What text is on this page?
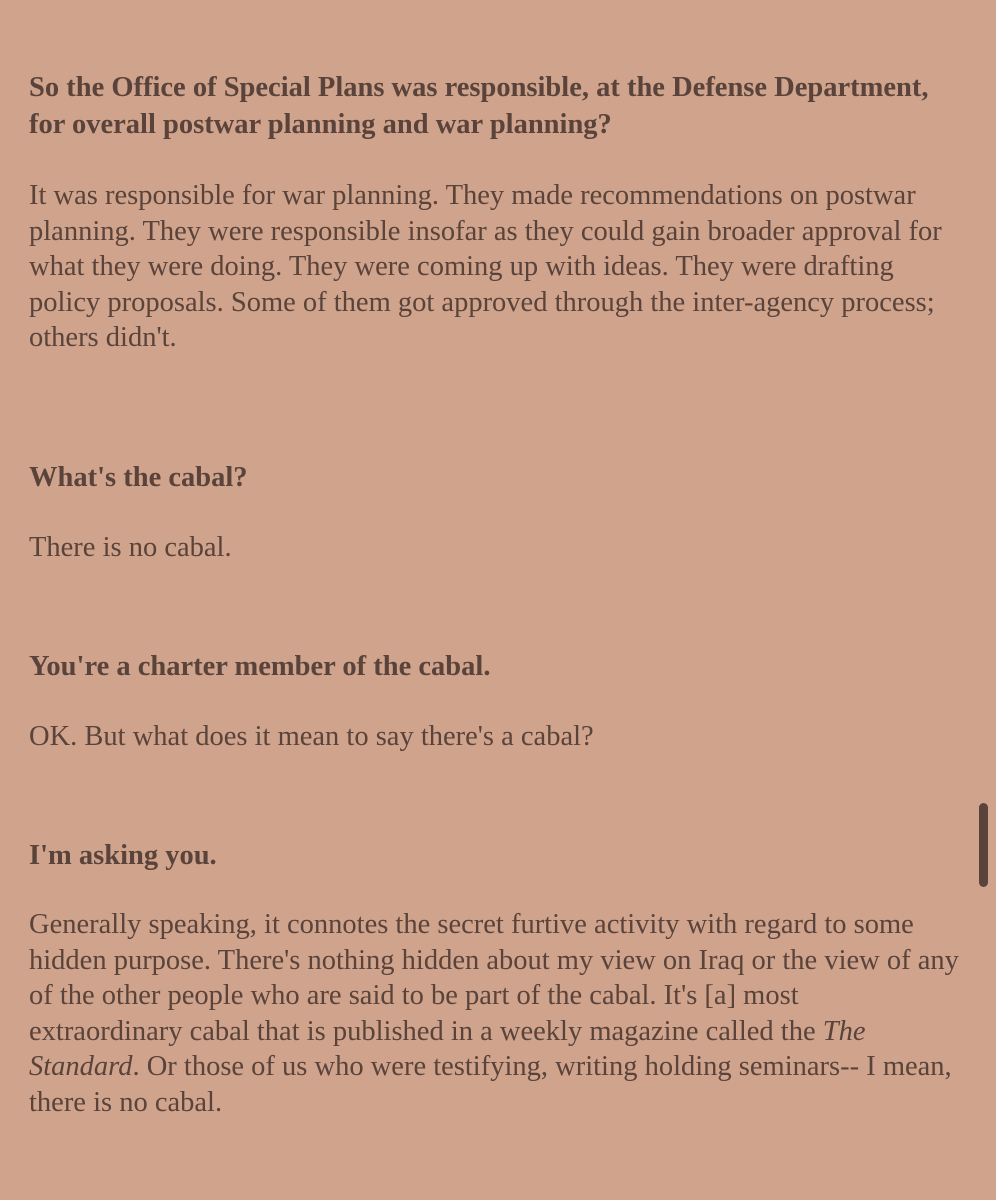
So the Office of Special Plans was responsible, at the Defense Department, for overall postwar planning and war planning?

It was responsible for war planning. They made recommendations on postwar planning. They were responsible insofar as they could gain broader approval for what they were doing. They were coming up with ideas. They were drafting policy proposals. Some of them got approved through the inter-agency process; others didn't.

What's the cabal?

There is no cabal.

You're a charter member of the cabal.

OK. But what does it mean to say there's a cabal?

I'm asking you.

Generally speaking, it connotes the secret furtive activity with regard to some hidden purpose. There's nothing hidden about my view on Iraq or the view of any of the other people who are said to be part of the cabal. It's [a] most extraordinary cabal that is published in a weekly magazine called the The Standard. Or those of us who were testifying, writing holding seminars-- I mean, there is no cabal.
